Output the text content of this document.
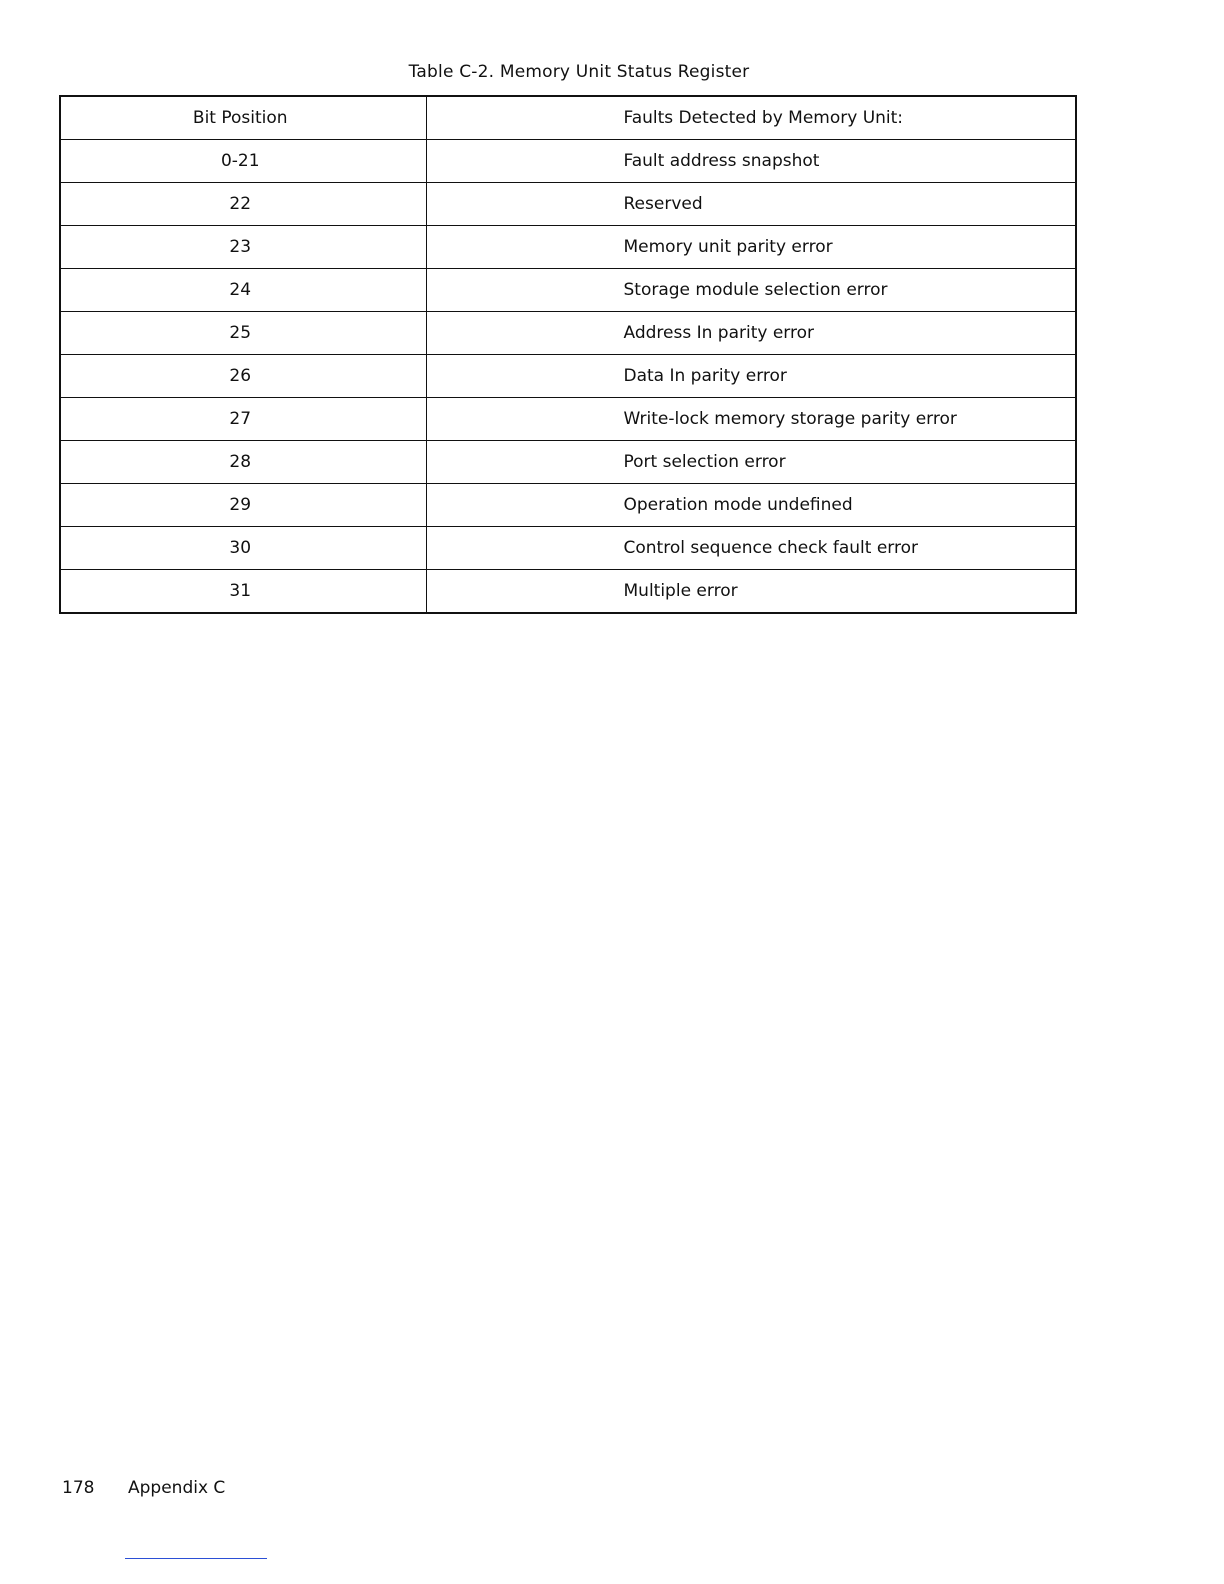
Table C-2. Memory Unit Status Register
Bit Position	Faults Detected by Memory Unit:
0-21	Fault address snapshot
22	Reserved
23	Memory unit parity error
24	Storage module selection error
25	Address In parity error
26	Data In parity error
27	Write-lock memory storage parity error
28	Port selection error
29	Operation mode undefined
30	Control sequence check fault error
31	Multiple error
178 Appendix C
